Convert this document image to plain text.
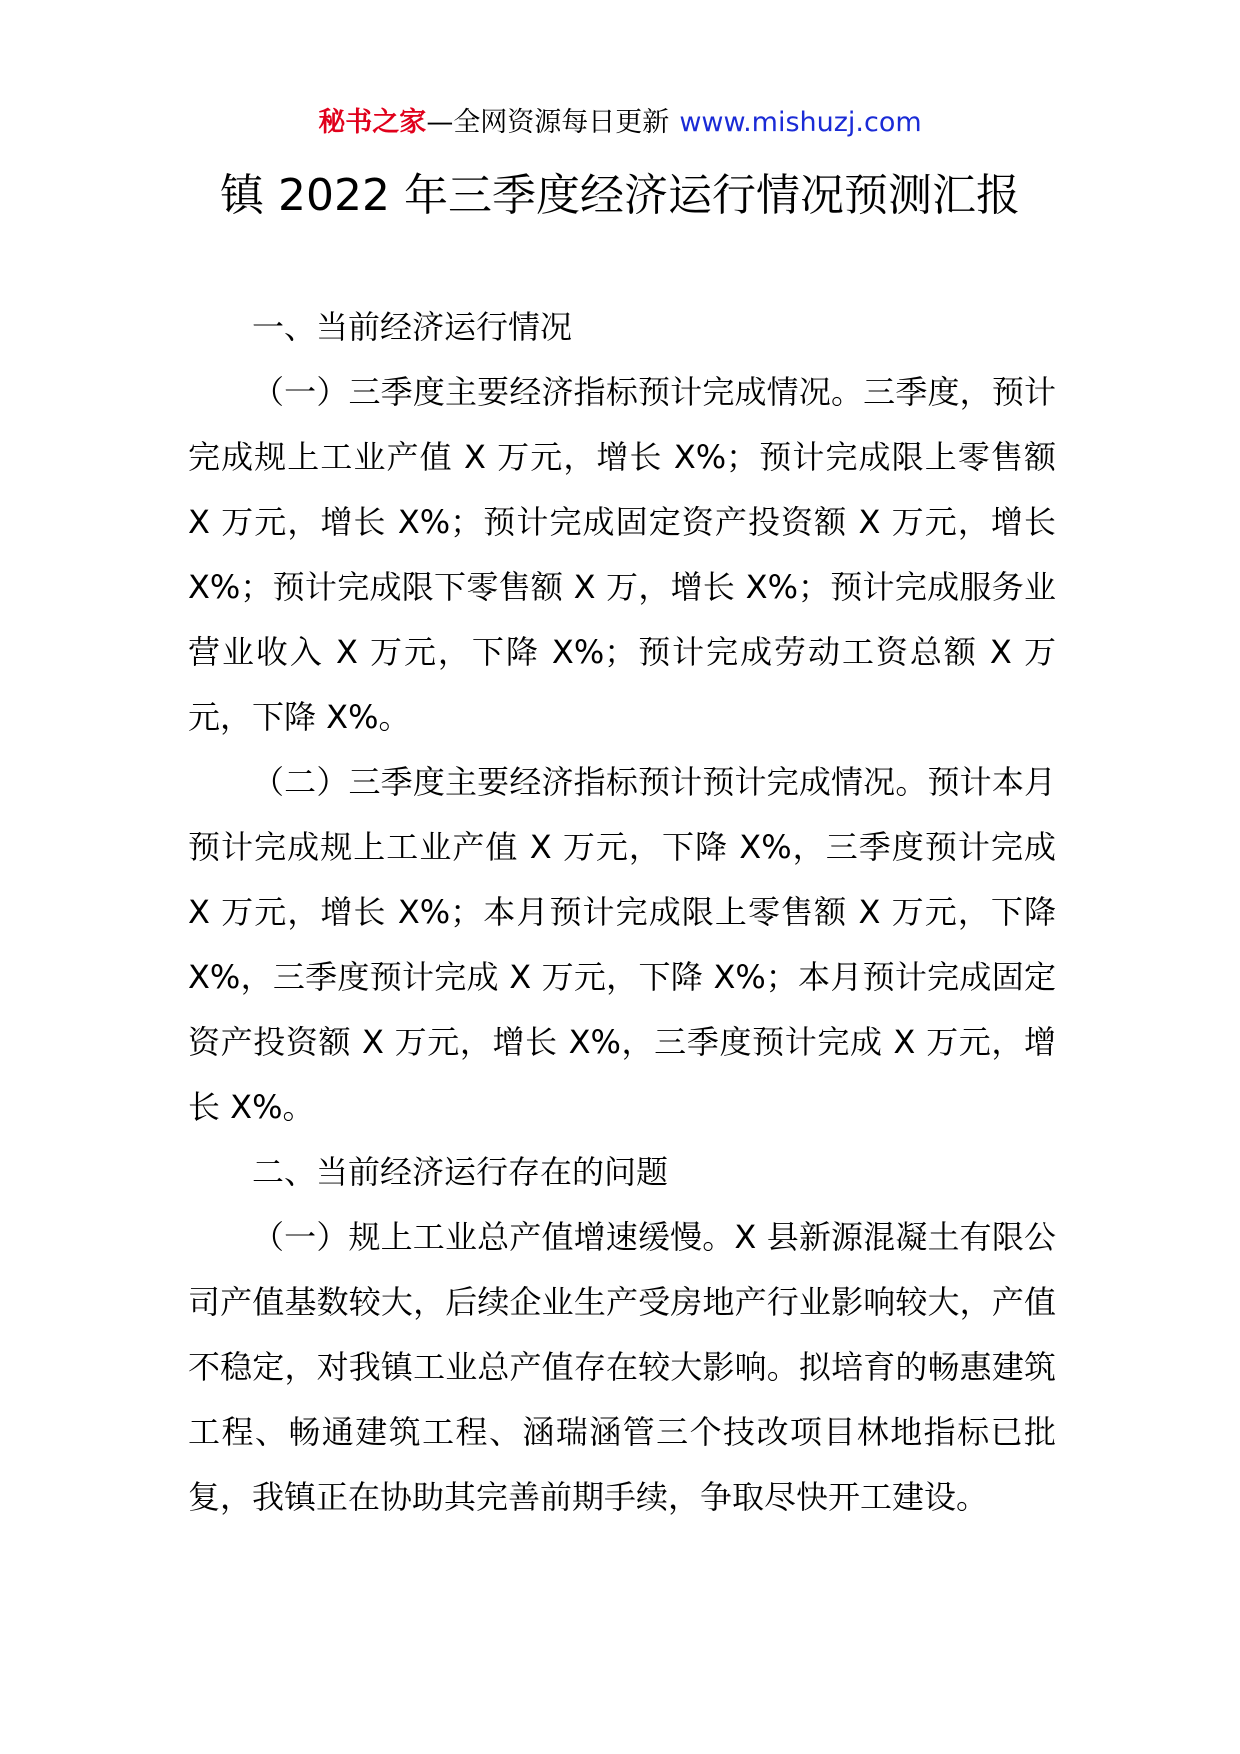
秘书之家—全网资源每日更新 www.mishuzj.com
镇 2022 年三季度经济运行情况预测汇报

一、当前经济运行情况

（一）三季度主要经济指标预计完成情况。三季度，预计完成规上工业产值 X 万元，增长 X%；预计完成限上零售额 X 万元，增长 X%；预计完成固定资产投资额 X 万元，增长 X%；预计完成限下零售额 X 万，增长 X%；预计完成服务业营业收入 X 万元，下降 X%；预计完成劳动工资总额 X 万元，下降 X%。

（二）三季度主要经济指标预计预计完成情况。预计本月预计完成规上工业产值 X 万元，下降 X%，三季度预计完成 X 万元，增长 X%；本月预计完成限上零售额 X 万元，下降 X%，三季度预计完成 X 万元，下降 X%；本月预计完成固定资产投资额 X 万元，增长 X%，三季度预计完成 X 万元，增长 X%。

二、当前经济运行存在的问题

（一）规上工业总产值增速缓慢。X 县新源混凝土有限公司产值基数较大，后续企业生产受房地产行业影响较大，产值不稳定，对我镇工业总产值存在较大影响。拟培育的畅惠建筑工程、畅通建筑工程、涵瑞涵管三个技改项目林地指标已批复，我镇正在协助其完善前期手续，争取尽快开工建设。
